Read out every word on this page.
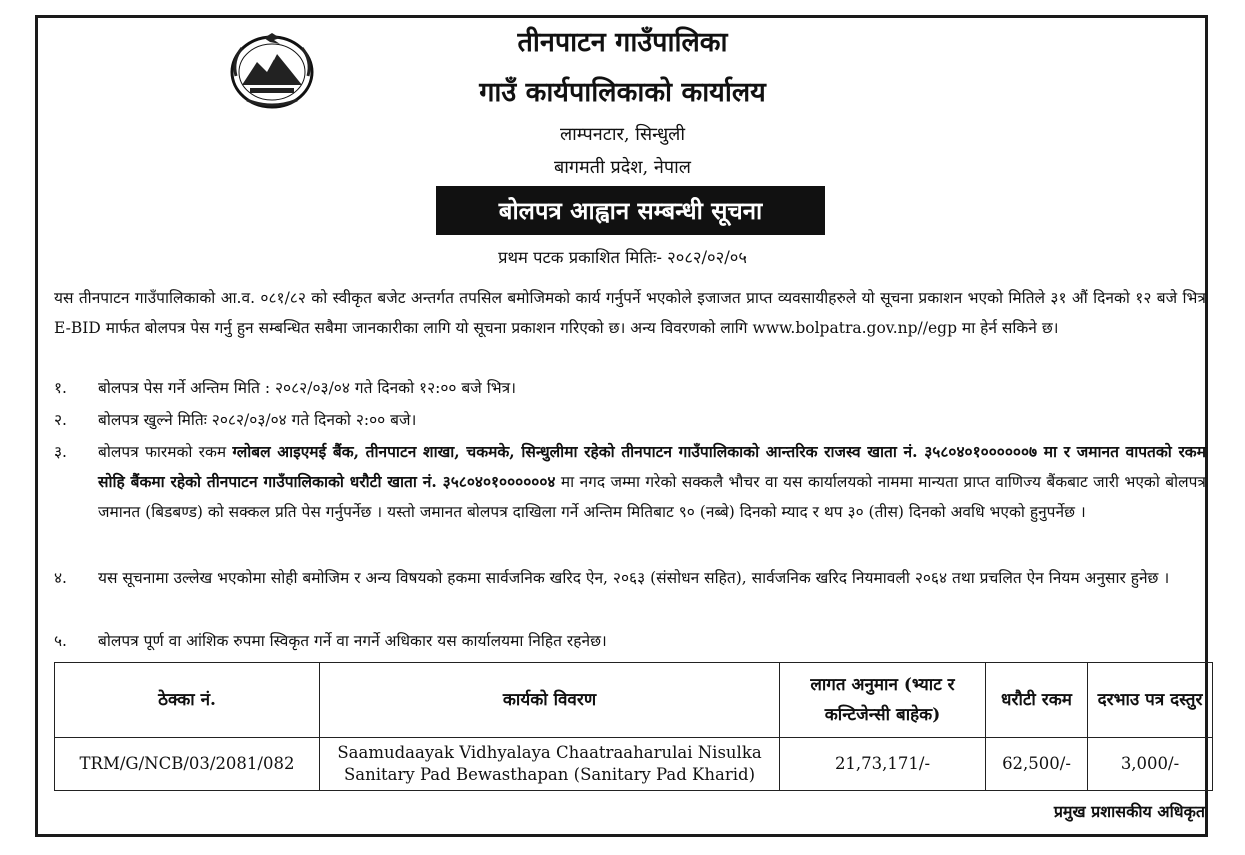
तीनपाटन गाउँपालिका
गाउँ कार्यपालिकाको कार्यालय
लाम्पनटार, सिन्धुली
बागमती प्रदेश, नेपाल
बोलपत्र आह्वान सम्बन्धी सूचना
प्रथम पटक प्रकाशित मितिः- २०८२/०२/०५
यस तीनपाटन गाउँपालिकाको आ.व. ०८१/८२ को स्वीकृत बजेट अन्तर्गत तपसिल बमोजिमको कार्य गर्नुपर्ने भएकोले इजाजत प्राप्त व्यवसायीहरुले यो सूचना प्रकाशन भएको मितिले ३१ औं दिनको १२ बजे भित्र E-BID मार्फत बोलपत्र पेस गर्नु हुन सम्बन्धित सबैमा जानकारीका लागि यो सूचना प्रकाशन गरिएको छ। अन्य विवरणको लागि www.bolpatra.gov.np//egp मा हेर्न सकिने छ।
१. बोलपत्र पेस गर्ने अन्तिम मिति : २०८२/०३/०४ गते दिनको १२:०० बजे भित्र।
२. बोलपत्र खुल्ने मितिः २०८२/०३/०४ गते दिनको २:०० बजे।
३. बोलपत्र फारमको रकम ग्लोबल आइएमई बैंक, तीनपाटन शाखा, चकमके, सिन्धुलीमा रहेको तीनपाटन गाउँपालिकाको आन्तरिक राजस्व खाता नं. ३५८०४०१००००००७ मा र जमानत वापतको रकम सोहि बैंकमा रहेको तीनपाटन गाउँपालिकाको धरौटी खाता नं. ३५८०४०१००००००४ मा नगद जम्मा गरेको सक्कलै भौचर वा यस कार्यालयको नाममा मान्यता प्राप्त वाणिज्य बैंकबाट जारी भएको बोलपत्र जमानत (बिडबण्ड) को सक्कल प्रति पेस गर्नुपर्नेछ । यस्तो जमानत बोलपत्र दाखिला गर्ने अन्तिम मितिबाट ९० (नब्बे) दिनको म्याद र थप ३० (तीस) दिनको अवधि भएको हुनुपर्नेछ ।
४. यस सूचनामा उल्लेख भएकोमा सोही बमोजिम र अन्य विषयको हकमा सार्वजनिक खरिद ऐन, २०६३ (संसोधन सहित), सार्वजनिक खरिद नियमावली २०६४ तथा प्रचलित ऐन नियम अनुसार हुनेछ ।
५. बोलपत्र पूर्ण वा आंशिक रुपमा स्विकृत गर्ने वा नगर्ने अधिकार यस कार्यालयमा निहित रहनेछ।
ठेक्का नं.	कार्यको विवरण	लागत अनुमान (भ्याट र कन्टिजेन्सी बाहेक)	धरौटी रकम	दरभाउ पत्र दस्तुर
TRM/G/NCB/03/2081/082	Saamudaayak Vidhyalaya Chaatraaharulai Nisulka Sanitary Pad Bewasthapan (Sanitary Pad Kharid)	21,73,171/-	62,500/-	3,000/-
प्रमुख प्रशासकीय अधिकृत
